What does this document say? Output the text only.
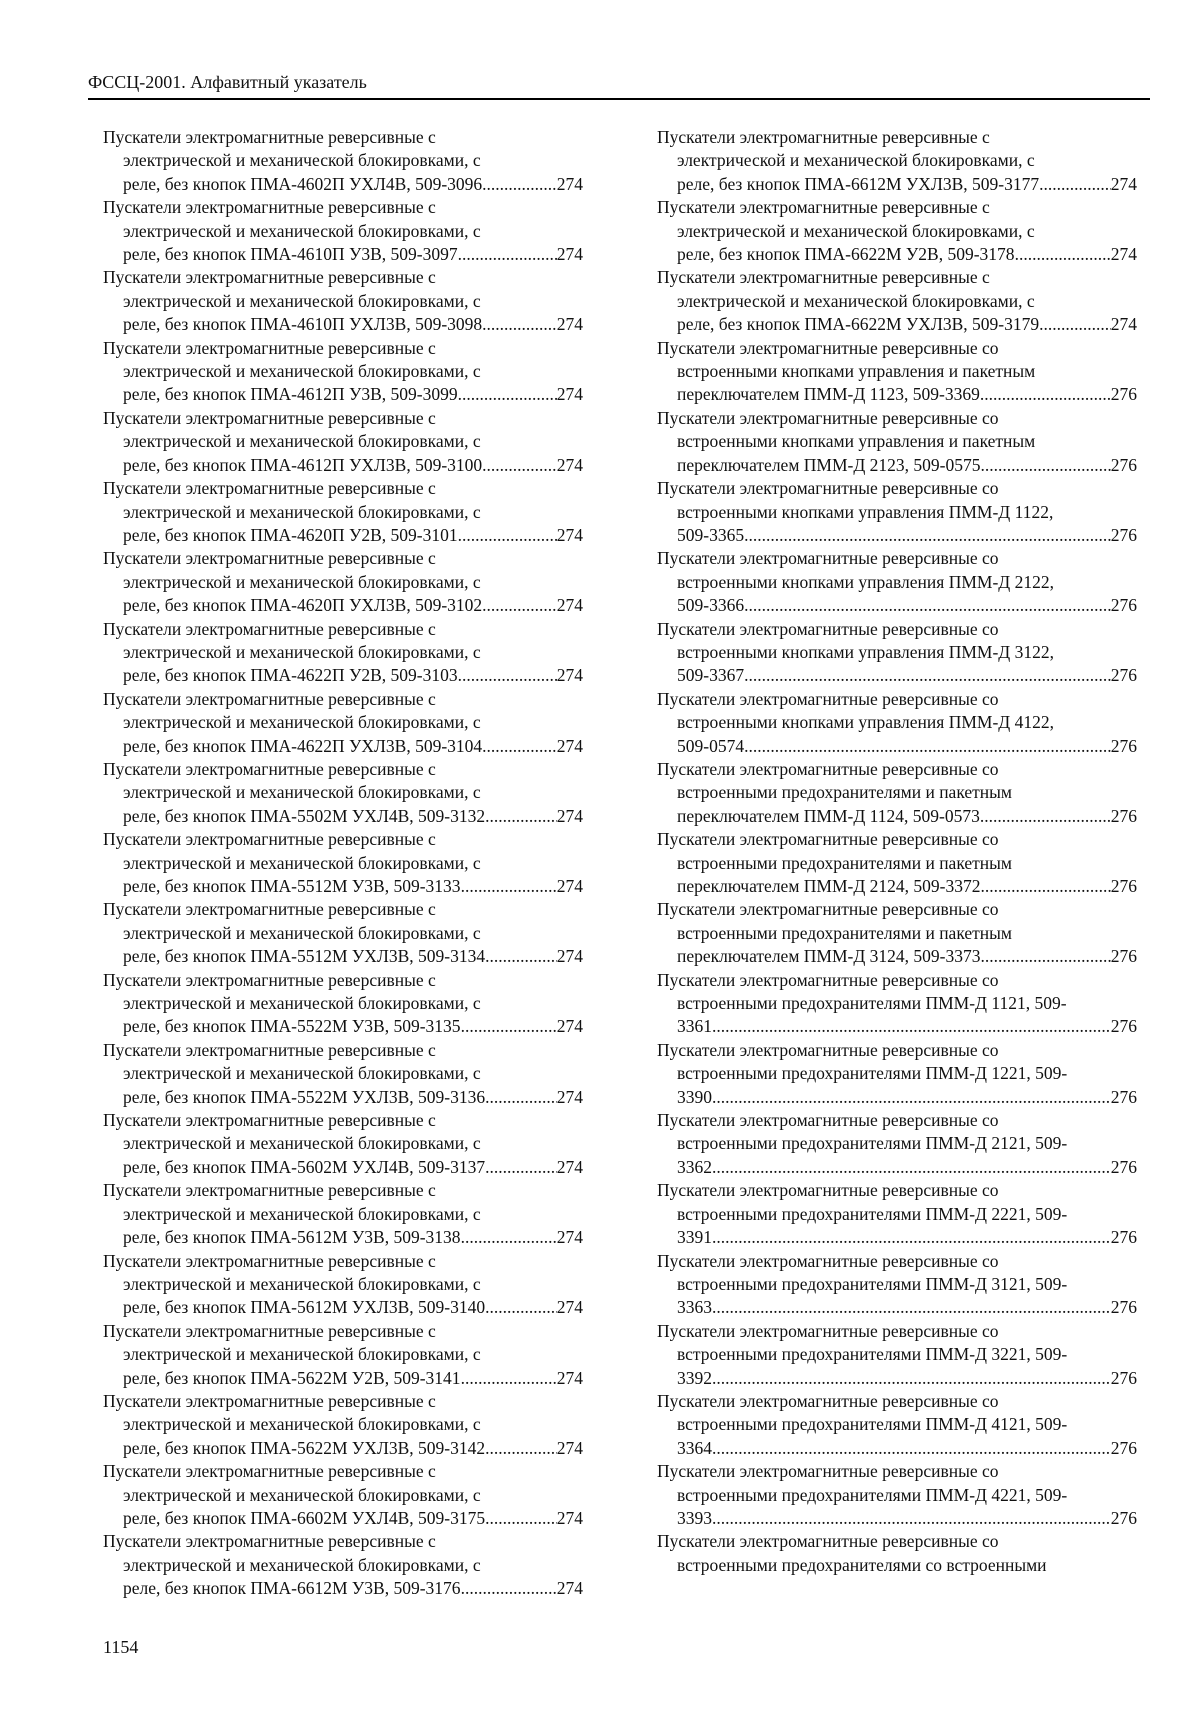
ФССЦ-2001. Алфавитный указатель
Пускатели электромагнитные реверсивные с
электрической и механической блокировками, с
реле, без кнопок ПМА-4602П УХЛ4В, 509-3096 .....	274
Пускатели электромагнитные реверсивные с
электрической и механической блокировками, с
реле, без кнопок ПМА-4610П У3В, 509-3097 .....	274
Пускатели электромагнитные реверсивные с
электрической и механической блокировками, с
реле, без кнопок ПМА-4610П УХЛ3В, 509-3098 .....	274
Пускатели электромагнитные реверсивные с
электрической и механической блокировками, с
реле, без кнопок ПМА-4612П У3В, 509-3099 .....	274
Пускатели электромагнитные реверсивные с
электрической и механической блокировками, с
реле, без кнопок ПМА-4612П УХЛ3В, 509-3100 .....	274
Пускатели электромагнитные реверсивные с
электрической и механической блокировками, с
реле, без кнопок ПМА-4620П У2В, 509-3101 .....	274
Пускатели электромагнитные реверсивные с
электрической и механической блокировками, с
реле, без кнопок ПМА-4620П УХЛ3В, 509-3102 .....	274
Пускатели электромагнитные реверсивные с
электрической и механической блокировками, с
реле, без кнопок ПМА-4622П У2В, 509-3103 .....	274
Пускатели электромагнитные реверсивные с
электрической и механической блокировками, с
реле, без кнопок ПМА-4622П УХЛ3В, 509-3104 .....	274
Пускатели электромагнитные реверсивные с
электрической и механической блокировками, с
реле, без кнопок ПМА-5502М УХЛ4В, 509-3132 .....	274
Пускатели электромагнитные реверсивные с
электрической и механической блокировками, с
реле, без кнопок ПМА-5512М У3В, 509-3133 .....	274
Пускатели электромагнитные реверсивные с
электрической и механической блокировками, с
реле, без кнопок ПМА-5512М УХЛ3В, 509-3134 .....	274
Пускатели электромагнитные реверсивные с
электрической и механической блокировками, с
реле, без кнопок ПМА-5522М У3В, 509-3135 .....	274
Пускатели электромагнитные реверсивные с
электрической и механической блокировками, с
реле, без кнопок ПМА-5522М УХЛ3В, 509-3136 .....	274
Пускатели электромагнитные реверсивные с
электрической и механической блокировками, с
реле, без кнопок ПМА-5602М УХЛ4В, 509-3137 .....	274
Пускатели электромагнитные реверсивные с
электрической и механической блокировками, с
реле, без кнопок ПМА-5612М У3В, 509-3138 .....	274
Пускатели электромагнитные реверсивные с
электрической и механической блокировками, с
реле, без кнопок ПМА-5612М УХЛ3В, 509-3140 .....	274
Пускатели электромагнитные реверсивные с
электрической и механической блокировками, с
реле, без кнопок ПМА-5622М У2В, 509-3141 .....	274
Пускатели электромагнитные реверсивные с
электрической и механической блокировками, с
реле, без кнопок ПМА-5622М УХЛ3В, 509-3142 .....	274
Пускатели электромагнитные реверсивные с
электрической и механической блокировками, с
реле, без кнопок ПМА-6602М УХЛ4В, 509-3175 .....	274
Пускатели электромагнитные реверсивные с
электрической и механической блокировками, с
реле, без кнопок ПМА-6612М У3В, 509-3176 .....	274
Пускатели электромагнитные реверсивные с
электрической и механической блокировками, с
реле, без кнопок ПМА-6612М УХЛ3В, 509-3177 .....	274
Пускатели электромагнитные реверсивные с
электрической и механической блокировками, с
реле, без кнопок ПМА-6622М У2В, 509-3178 .....	274
Пускатели электромагнитные реверсивные с
электрической и механической блокировками, с
реле, без кнопок ПМА-6622М УХЛ3В, 509-3179 .....	274
Пускатели электромагнитные реверсивные со
встроенными кнопками управления и пакетным
переключателем ПММ-Д 1123, 509-3369 .....	276
Пускатели электромагнитные реверсивные со
встроенными кнопками управления и пакетным
переключателем ПММ-Д 2123, 509-0575 .....	276
Пускатели электромагнитные реверсивные со
встроенными кнопками управления ПММ-Д 1122,
509-3365 .....	276
Пускатели электромагнитные реверсивные со
встроенными кнопками управления ПММ-Д 2122,
509-3366 .....	276
Пускатели электромагнитные реверсивные со
встроенными кнопками управления ПММ-Д 3122,
509-3367 .....	276
Пускатели электромагнитные реверсивные со
встроенными кнопками управления ПММ-Д 4122,
509-0574 .....	276
Пускатели электромагнитные реверсивные со
встроенными предохранителями и пакетным
переключателем ПММ-Д 1124, 509-0573 .....	276
Пускатели электромагнитные реверсивные со
встроенными предохранителями и пакетным
переключателем ПММ-Д 2124, 509-3372 .....	276
Пускатели электромагнитные реверсивные со
встроенными предохранителями и пакетным
переключателем ПММ-Д 3124, 509-3373 .....	276
Пускатели электромагнитные реверсивные со
встроенными предохранителями ПММ-Д 1121, 509-
3361 .....	276
Пускатели электромагнитные реверсивные со
встроенными предохранителями ПММ-Д 1221, 509-
3390 .....	276
Пускатели электромагнитные реверсивные со
встроенными предохранителями ПММ-Д 2121, 509-
3362 .....	276
Пускатели электромагнитные реверсивные со
встроенными предохранителями ПММ-Д 2221, 509-
3391 .....	276
Пускатели электромагнитные реверсивные со
встроенными предохранителями ПММ-Д 3121, 509-
3363 .....	276
Пускатели электромагнитные реверсивные со
встроенными предохранителями ПММ-Д 3221, 509-
3392 .....	276
Пускатели электромагнитные реверсивные со
встроенными предохранителями ПММ-Д 4121, 509-
3364 .....	276
Пускатели электромагнитные реверсивные со
встроенными предохранителями ПММ-Д 4221, 509-
3393 .....	276
Пускатели электромагнитные реверсивные со
встроенными предохранителями со встроенными
1154
